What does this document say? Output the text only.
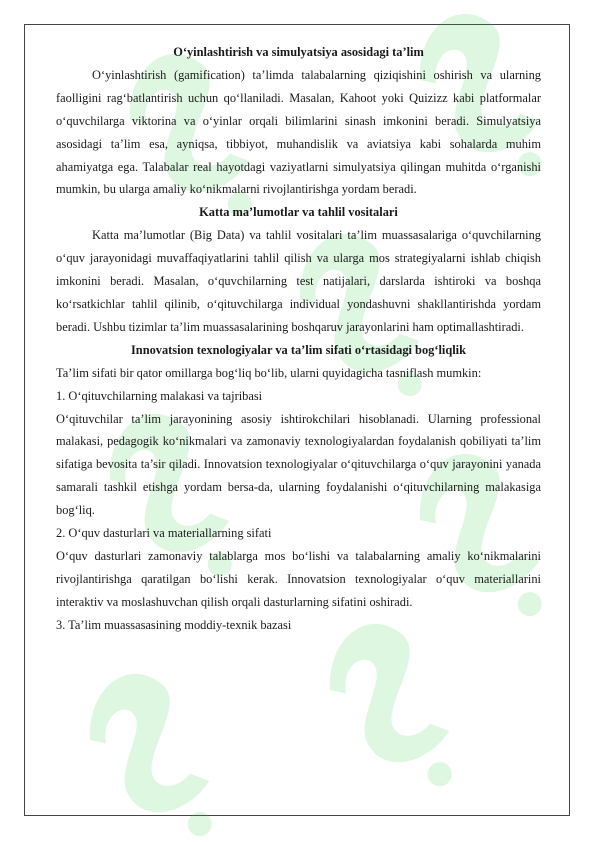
O‘yinlashtirish va simulyatsiya asosidagi ta’lim

O‘yinlashtirish (gamification) ta’limda talabalarning qiziqishini oshirish va ularning faolligini rag‘batlantirish uchun qo‘llaniladi. Masalan, Kahoot yoki Quizizz kabi platformalar o‘quvchilarga viktorina va o‘yinlar orqali bilimlarini sinash imkonini beradi. Simulyatsiya asosidagi ta’lim esa, ayniqsa, tibbiyot, muhandislik va aviatsiya kabi sohalarda muhim ahamiyatga ega. Talabalar real hayotdagi vaziyatlarni simulyatsiya qilingan muhitda o‘rganishi mumkin, bu ularga amaliy ko‘nikmalarni rivojlantirishga yordam beradi.

Katta ma’lumotlar va tahlil vositalari

Katta ma’lumotlar (Big Data) va tahlil vositalari ta’lim muassasalariga o‘quvchilarning o‘quv jarayonidagi muvaffaqiyatlarini tahlil qilish va ularga mos strategiyalarni ishlab chiqish imkonini beradi. Masalan, o‘quvchilarning test natijalari, darslarda ishtiroki va boshqa ko‘rsatkichlar tahlil qilinib, o‘qituvchilarga individual yondashuvni shakllantirishda yordam beradi. Ushbu tizimlar ta’lim muassasalarining boshqaruv jarayonlarini ham optimallashtiradi.

Innovatsion texnologiyalar va ta’lim sifati o‘rtasidagi bog‘liqlik

Ta’lim sifati bir qator omillarga bog‘liq bo‘lib, ularni quyidagicha tasniflash mumkin:

1. O‘qituvchilarning malakasi va tajribasi

O‘qituvchilar ta’lim jarayonining asosiy ishtirokchilari hisoblanadi. Ularning professional malakasi, pedagogik ko‘nikmalari va zamonaviy texnologiyalardan foydalanish qobiliyati ta’lim sifatiga bevosita ta’sir qiladi. Innovatsion texnologiyalar o‘qituvchilarga o‘quv jarayonini yanada samarali tashkil etishga yordam bersa-da, ularning foydalanishi o‘qituvchilarning malakasiga bog‘liq.

2. O‘quv dasturlari va materiallarning sifati

O‘quv dasturlari zamonaviy talablarga mos bo‘lishi va talabalarning amaliy ko‘nikmalarini rivojlantirishga qaratilgan bo‘lishi kerak. Innovatsion texnologiyalar o‘quv materiallarini interaktiv va moslashuvchan qilish orqali dasturlarning sifatini oshiradi.

3. Ta’lim muassasasining moddiy-texnik bazasi
